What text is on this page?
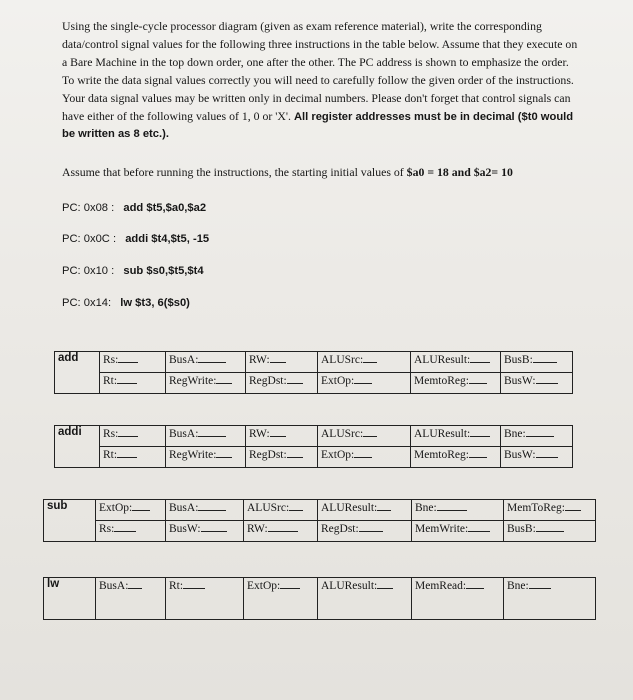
Using the single-cycle processor diagram (given as exam reference material), write the corresponding data/control signal values for the following three instructions in the table below. Assume that they execute on a Bare Machine in the top down order, one after the other. The PC address is shown to emphasize the order. To write the data signal values correctly you will need to carefully follow the given order of the instructions. Your data signal values may be written only in decimal numbers. Please don't forget that control signals can have either of the following values of 1, 0 or 'X'. All register addresses must be in decimal ($t0 would be written as 8 etc.).
Assume that before running the instructions, the starting initial values of $a0 = 18 and $a2= 10
PC: 0x08 : add $t5,$a0,$a2
PC: 0x0C : addi $t4,$t5, -15
PC: 0x10 : sub $s0,$t5,$t4
PC: 0x14: lw $t3, 6($s0)
add	Rs:	BusA:	RW:	ALUSrc:	ALUResult:	BusB:
	Rt:	RegWrite:	RegDst:	ExtOp:	MemtoReg:	BusW:
addi	Rs:	BusA:	RW:	ALUSrc:	ALUResult:	Bne:
	Rt:	RegWrite:	RegDst:	ExtOp:	MemtoReg:	BusW:
sub	ExtOp:	BusA:	ALUSrc:	ALUResult:	Bne:	MemToReg:
	Rs:	BusW:	RW:	RegDst:	MemWrite:	BusB:
lw	BusA:	Rt:	ExtOp:	ALUResult:	MemRead:	Bne:
